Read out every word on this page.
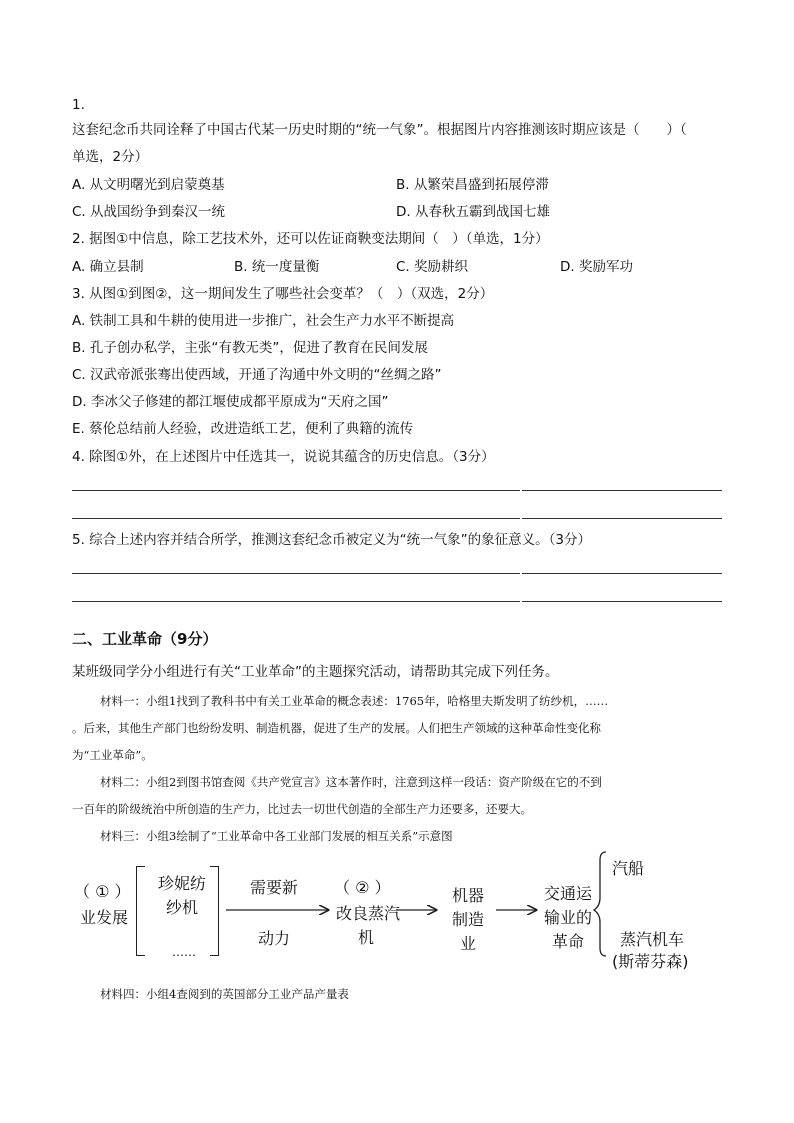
1.
这套纪念币共同诠释了中国古代某一历史时期的“统一气象”。根据图片内容推测该时期应该是（　　）（
单选，2分）
A. 从文明曙光到启蒙奠基	B. 从繁荣昌盛到拓展停滞
C. 从战国纷争到秦汉一统	D. 从春秋五霸到战国七雄
2. 据图①中信息，除工艺技术外，还可以佐证商鞅变法期间（　）（单选，1分）
A. 确立县制	B. 统一度量衡	C. 奖励耕织	D. 奖励军功
3. 从图①到图②，这一期间发生了哪些社会变革？（　）（双选，2分）
A. 铁制工具和牛耕的使用进一步推广，社会生产力水平不断提高
B. 孔子创办私学，主张“有教无类”，促进了教育在民间发展
C. 汉武帝派张骞出使西域，开通了沟通中外文明的“丝绸之路”
D. 李冰父子修建的都江堰使成都平原成为“天府之国”
E. 蔡伦总结前人经验，改进造纸工艺，便利了典籍的流传
4. 除图①外，在上述图片中任选其一，说说其蕴含的历史信息。（3分）
5. 综合上述内容并结合所学，推测这套纪念币被定义为“统一气象”的象征意义。（3分）
二、工业革命（9分）
某班级同学分小组进行有关“工业革命”的主题探究活动，请帮助其完成下列任务。
材料一：小组1找到了教科书中有关工业革命的概念表述：1765年，哈格里夫斯发明了纺纱机，……
。后来，其他生产部门也纷纷发明、制造机器，促进了生产的发展。人们把生产领域的这种革命性变化称
为“工业革命”。
材料二：小组2到图书馆查阅《共产党宣言》这本著作时，注意到这样一段话：资产阶级在它的不到
一百年的阶级统治中所创造的生产力，比过去一切世代创造的全部生产力还要多，还要大。
材料三：小组3绘制了“工业革命中各工业部门发展的相互关系”示意图
（ ① ）
业发展
珍妮纺
纱机
……
需要新
动力
（ ② ）
改良蒸汽
机
机器
制造
业
交通运
输业的
革命
汽船
蒸汽机车
(斯蒂芬森)
材料四：小组4查阅到的英国部分工业产品产量表
